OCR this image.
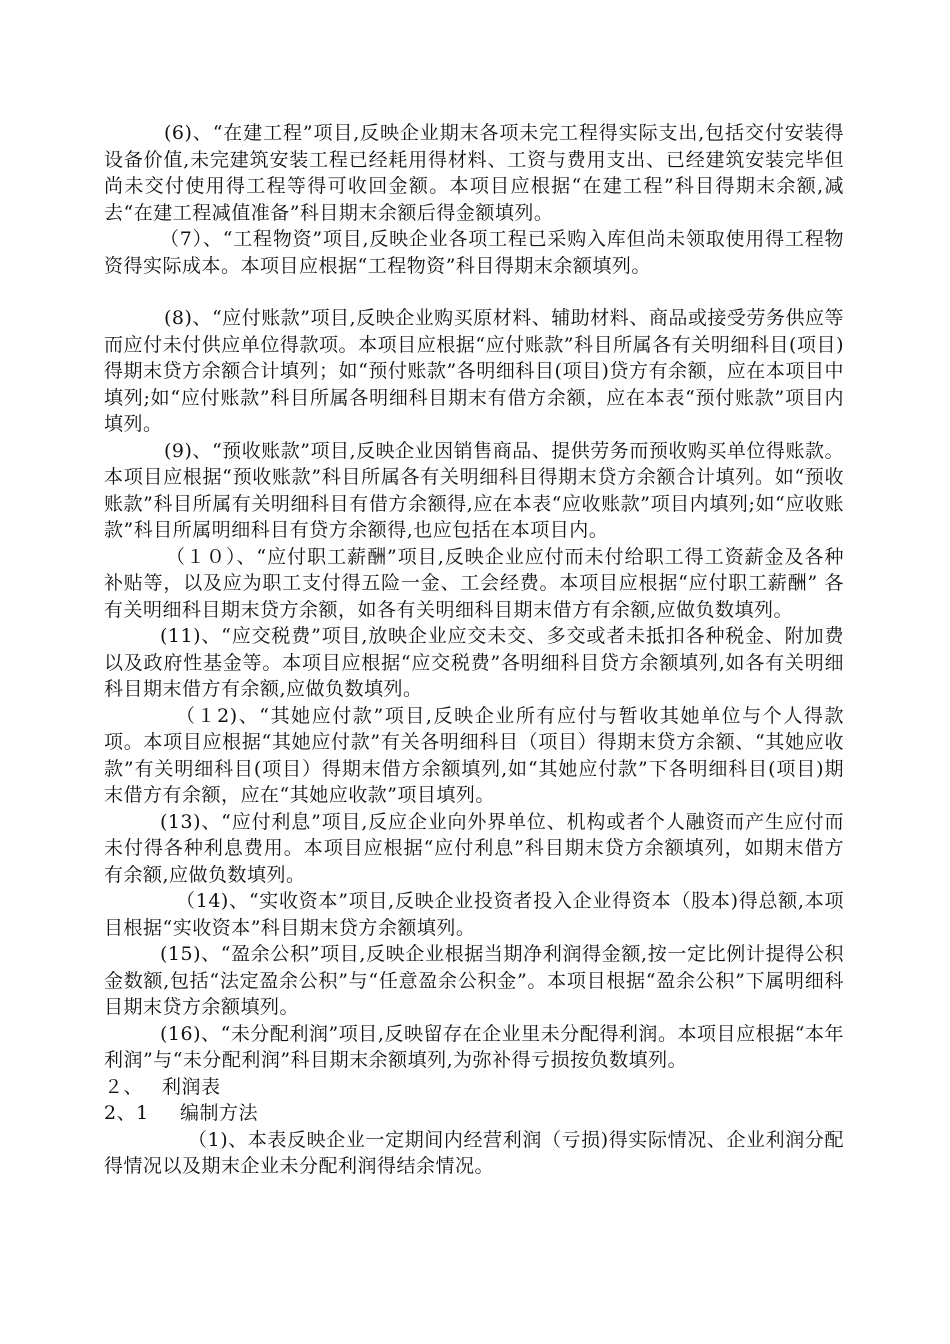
(6)、“在建工程”项目,反映企业期末各项未完工程得实际支出,包括交付安装得设备价值,未完建筑安装工程已经耗用得材料、工资与费用支出、已经建筑安装完毕但尚未交付使用得工程等得可收回金额。本项目应根据“在建工程”科目得期末余额,减去“在建工程减值准备”科目期末余额后得金额填列。

（7）、“工程物资”项目,反映企业各项工程已采购入库但尚未领取使用得工程物资得实际成本。本项目应根据“工程物资”科目得期末余额填列。

(8)、“应付账款”项目,反映企业购买原材料、辅助材料、商品或接受劳务供应等而应付未付供应单位得款项。本项目应根据“应付账款”科目所属各有关明细科目(项目)得期末贷方余额合计填列；如“预付账款”各明细科目(项目)贷方有余额，应在本项目中填列;如“应付账款”科目所属各明细科目期末有借方余额，应在本表“预付账款”项目内填列。

(9)、“预收账款”项目,反映企业因销售商品、提供劳务而预收购买单位得账款。本项目应根据“预收账款”科目所属各有关明细科目得期末贷方余额合计填列。如“预收账款”科目所属有关明细科目有借方余额得,应在本表“应收账款”项目内填列;如“应收账款”科目所属明细科目有贷方余额得,也应包括在本项目内。

（１０）、“应付职工薪酬”项目,反映企业应付而未付给职工得工资薪金及各种补贴等，以及应为职工支付得五险一金、工会经费。本项目应根据“应付职工薪酬” 各有关明细科目期末贷方余额，如各有关明细科目期末借方有余额,应做负数填列。

(11)、“应交税费”项目,放映企业应交未交、多交或者未抵扣各种税金、附加费以及政府性基金等。本项目应根据“应交税费”各明细科目贷方余额填列,如各有关明细科目期末借方有余额,应做负数填列。

（１2)、“其她应付款”项目,反映企业所有应付与暂收其她单位与个人得款项。本项目应根据“其她应付款”有关各明细科目（项目）得期末贷方余额、“其她应收款”有关明细科目(项目）得期末借方余额填列,如“其她应付款”下各明细科目(项目)期末借方有余额，应在“其她应收款”项目填列。

(13)、“应付利息”项目,反应企业向外界单位、机构或者个人融资而产生应付而未付得各种利息费用。本项目应根据“应付利息”科目期末贷方余额填列，如期末借方有余额,应做负数填列。

（14)、“实收资本”项目,反映企业投资者投入企业得资本（股本)得总额,本项目根据“实收资本”科目期末贷方余额填列。

(15)、“盈余公积”项目,反映企业根据当期净利润得金额,按一定比例计提得公积金数额,包括“法定盈余公积”与“任意盈余公积金”。本项目根据“盈余公积”下属明细科目期末贷方余额填列。

(16)、“未分配利润”项目,反映留存在企业里未分配得利润。本项目应根据“本年利润”与“未分配利润”科目期末余额填列,为弥补得亏损按负数填列。

２、 利润表

2、1 编制方法

（1)、本表反映企业一定期间内经营利润（亏损)得实际情况、企业利润分配得情况以及期末企业未分配利润得结余情况。
